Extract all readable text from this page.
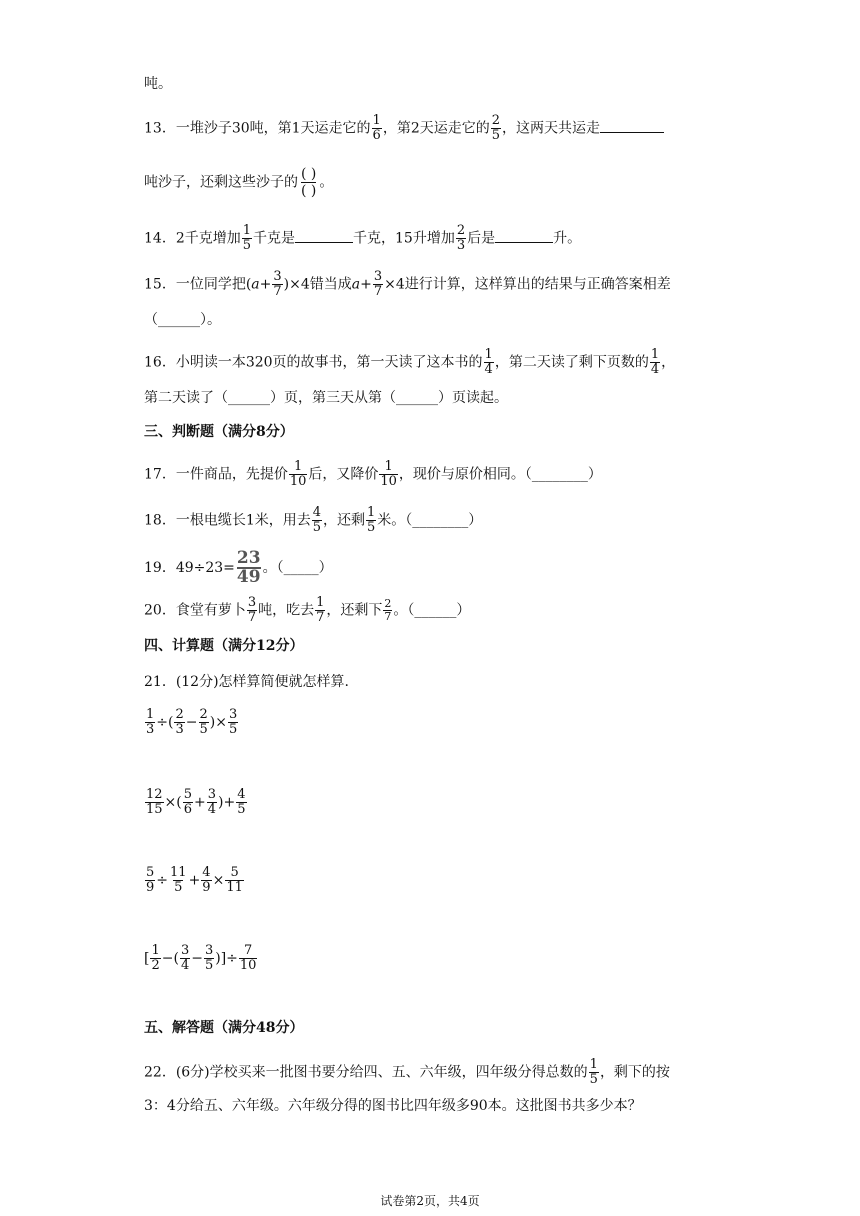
吨。
13．一堆沙子30吨，第1天运走它的 $\frac{1}{6}$ ，第2天运走它的 $\frac{2}{5}$ ，这两天共运走
吨沙子，还剩这些沙子的
( )
( )
。
14．2千克增加 $\frac{1}{5}$ 千克是	千克，15升增加 $\frac{2}{3}$ 后是	升。
15．一位同学把$(a+ \frac{3}{7} )\times 4$错当成$a+ \frac{3}{7} \times 4$进行计算，这样算出的结果与正确答案相差
（______）。
16．小明读一本320页的故事书，第一天读了这本书的 $\frac{1}{4}$ ，第二天读了剩下页数的 $\frac{1}{4}$ ，
第二天读了（______）页，第三天从第（______）页读起。
三、判断题（满分8分）
17．一件商品，先提价 $\frac{1}{10}$ 后，又降价 $\frac{1}{10}$ ，现价与原价相同。（________）
18．一根电缆长1米，用去 $\frac{4}{5}$ ，还剩 $\frac{1}{5}$ 米。（________）
19．$49\div 23= \frac{23}{49}$ 。（_____）
20．食堂有萝卜 $\frac{3}{7}$ 吨，吃去 $\frac{1}{7}$ ，还剩下 $\frac{2}{7}$ 。（______）
四、计算题（满分12分）
21．(12分)怎样算简便就怎样算.
$\frac{1}{3}$ ÷( $\frac{2}{3} - \frac{2}{5}$ )× $\frac{3}{5}$
$\frac{12}{15}$ ×( $\frac{5}{6} + \frac{3}{4}$ )+ $\frac{4}{5}$
$\frac{5}{9} \div \frac{11}{5} + \frac{4}{9} \times \frac{5}{11}$
[ $\frac{1}{2}$ −( $\frac{3}{4} - \frac{3}{5}$ )]÷ $\frac{7}{10}$
五、解答题（满分48分）
22．(6分)学校买来一批图书要分给四、五、六年级，四年级分得总数的 $\frac{1}{5}$ ，剩下的按
3：4分给五、六年级。六年级分得的图书比四年级多90本。这批图书共多少本？
试卷第2页，共4页
